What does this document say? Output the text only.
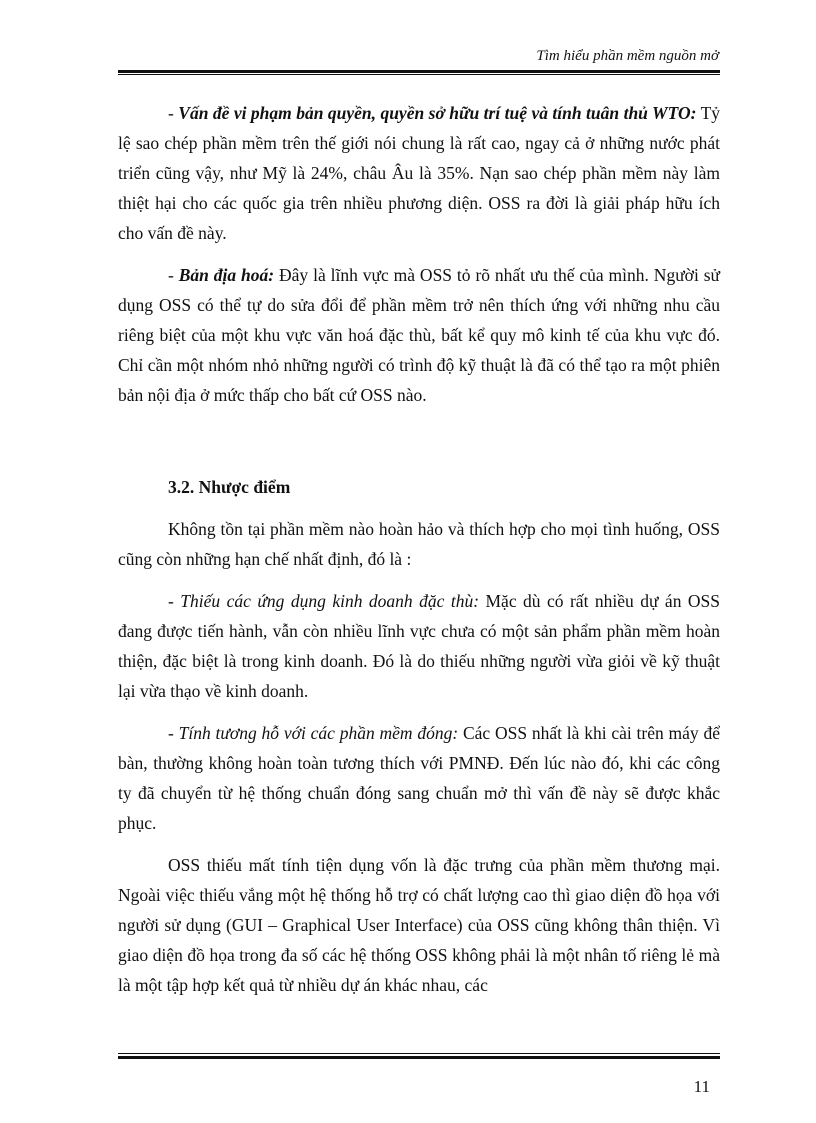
Tìm hiểu phần mềm nguồn mở

- Vấn đề vi phạm bản quyền, quyền sở hữu trí tuệ và tính tuân thủ WTO: Tỷ lệ sao chép phần mềm trên thế giới nói chung là rất cao, ngay cả ở những nước phát triển cũng vậy, như Mỹ là 24%, châu Âu là 35%. Nạn sao chép phần mềm này làm thiệt hại cho các quốc gia trên nhiều phương diện. OSS ra đời là giải pháp hữu ích cho vấn đề này.

- Bản địa hoá: Đây là lĩnh vực mà OSS tỏ rõ nhất ưu thế của mình. Người sử dụng OSS có thể tự do sửa đổi để phần mềm trở nên thích ứng với những nhu cầu riêng biệt của một khu vực văn hoá đặc thù, bất kể quy mô kinh tế của khu vực đó. Chỉ cần một nhóm nhỏ những người có trình độ kỹ thuật là đã có thể tạo ra một phiên bản nội địa ở mức thấp cho bất cứ OSS nào.

3.2. Nhược điểm

Không tồn tại phần mềm nào hoàn hảo và thích hợp cho mọi tình huống, OSS cũng còn những hạn chế nhất định, đó là :

- Thiếu các ứng dụng kinh doanh đặc thù: Mặc dù có rất nhiều dự án OSS đang được tiến hành, vẫn còn nhiều lĩnh vực chưa có một sản phẩm phần mềm hoàn thiện, đặc biệt là trong kinh doanh. Đó là do thiếu những người vừa giỏi về kỹ thuật lại vừa thạo về kinh doanh.

- Tính tương hỗ với các phần mềm đóng: Các OSS nhất là khi cài trên máy để bàn, thường không hoàn toàn tương thích với PMNĐ. Đến lúc nào đó, khi các công ty đã chuyển từ hệ thống chuẩn đóng sang chuẩn mở thì vấn đề này sẽ được khắc phục.

OSS thiếu mất tính tiện dụng vốn là đặc trưng của phần mềm thương mại. Ngoài việc thiếu vắng một hệ thống hỗ trợ có chất lượng cao thì giao diện đồ họa với người sử dụng (GUI – Graphical User Interface) của OSS cũng không thân thiện. Vì giao diện đồ họa trong đa số các hệ thống OSS không phải là một nhân tố riêng lẻ mà là một tập hợp kết quả từ nhiều dự án khác nhau, các

11
